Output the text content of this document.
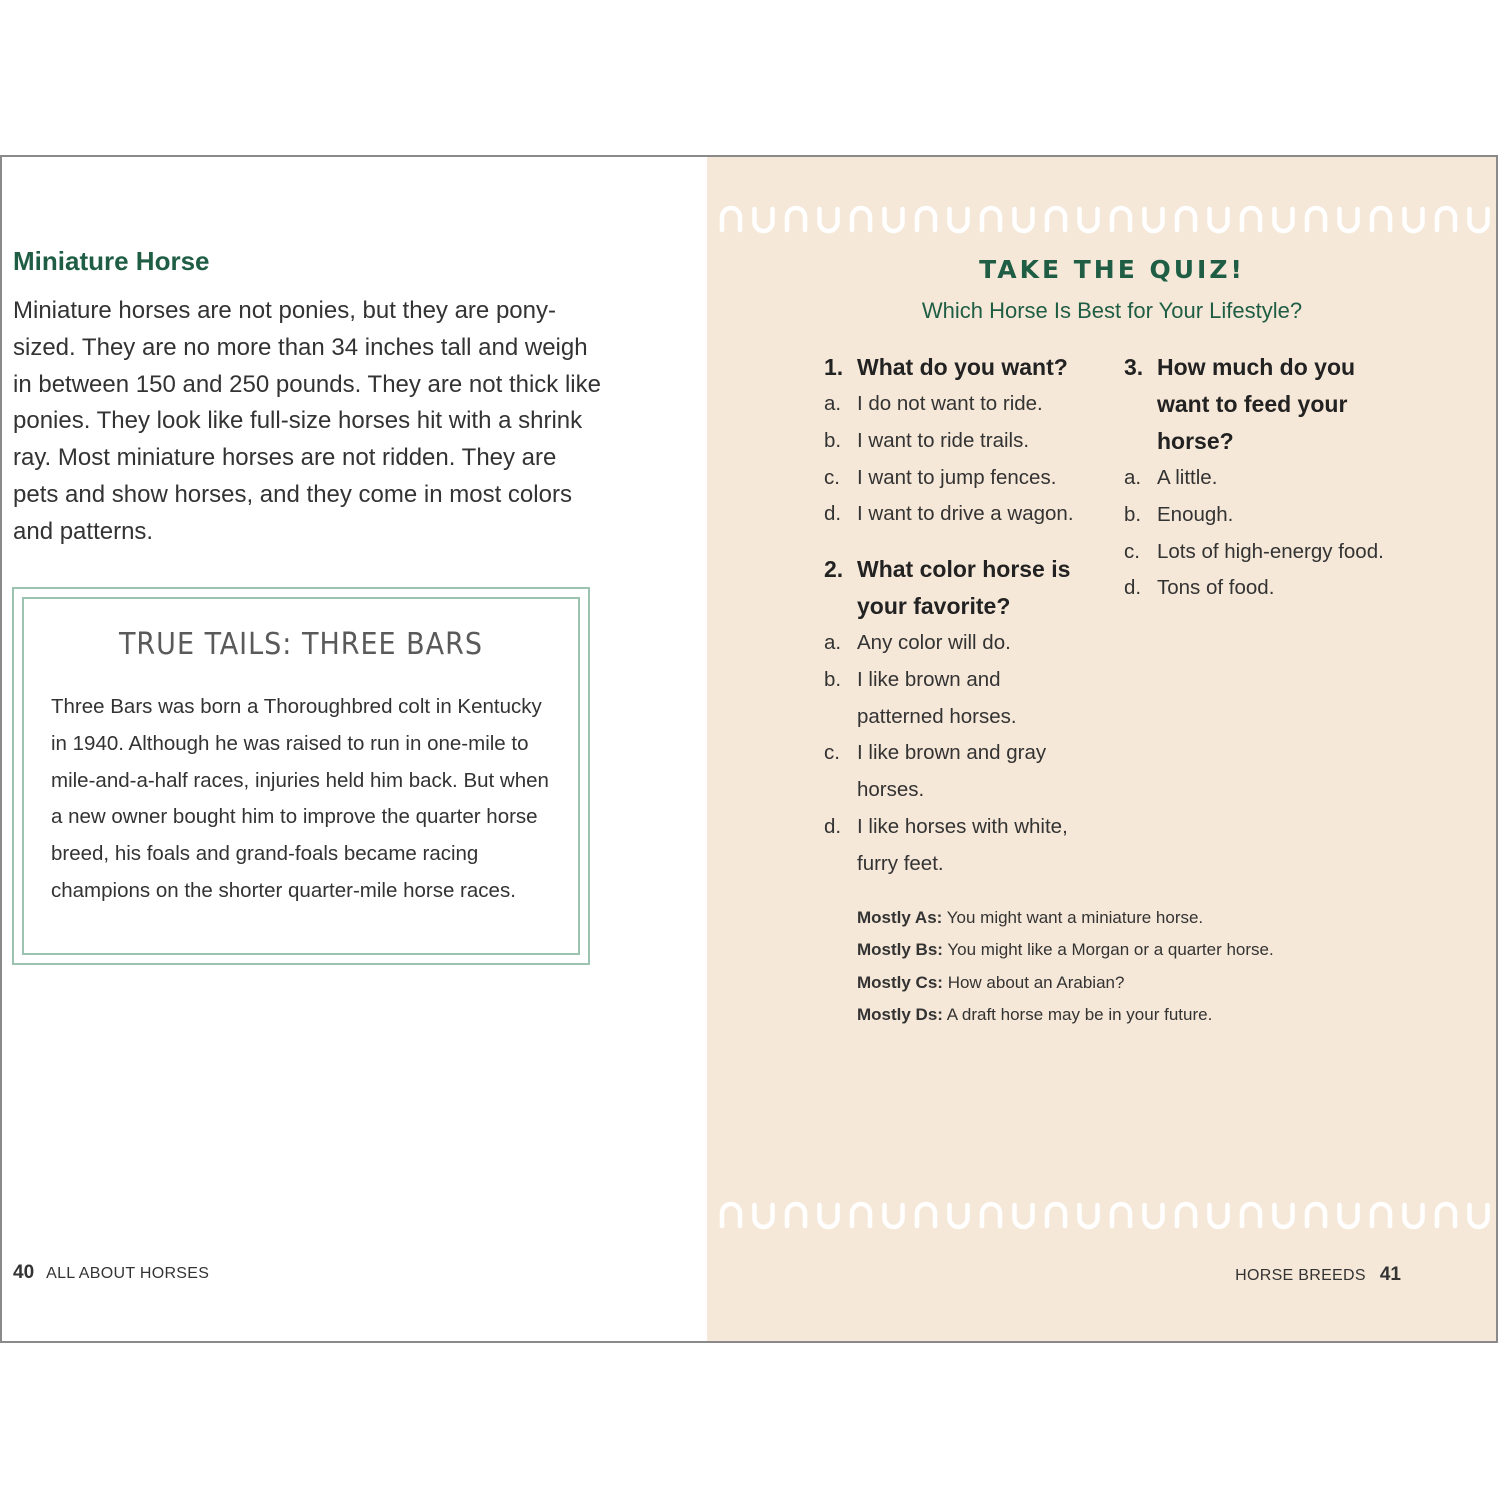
Miniature Horse

Miniature horses are not ponies, but they are pony-sized. They are no more than 34 inches tall and weigh in between 150 and 250 pounds. They are not thick like ponies. They look like full-size horses hit with a shrink ray. Most miniature horses are not ridden. They are pets and show horses, and they come in most colors and patterns.

TRUE TAILS: THREE BARS

Three Bars was born a Thoroughbred colt in Kentucky in 1940. Although he was raised to run in one-mile to mile-and-a-half races, injuries held him back. But when a new owner bought him to improve the quarter horse breed, his foals and grand-foals became racing champions on the shorter quarter-mile horse races.

40 ALL ABOUT HORSES
TAKE THE QUIZ!

Which Horse Is Best for Your Lifestyle?

1. What do you want?
a. I do not want to ride.
b. I want to ride trails.
c. I want to jump fences.
d. I want to drive a wagon.
2. What color horse is your favorite?
a. Any color will do.
b. I like brown and patterned horses.
c. I like brown and gray horses.
d. I like horses with white, furry feet.
3. How much do you want to feed your horse?
a. A little.
b. Enough.
c. Lots of high-energy food.
d. Tons of food.
Mostly As: You might want a miniature horse.
Mostly Bs: You might like a Morgan or a quarter horse.
Mostly Cs: How about an Arabian?
Mostly Ds: A draft horse may be in your future.
HORSE BREEDS 41
